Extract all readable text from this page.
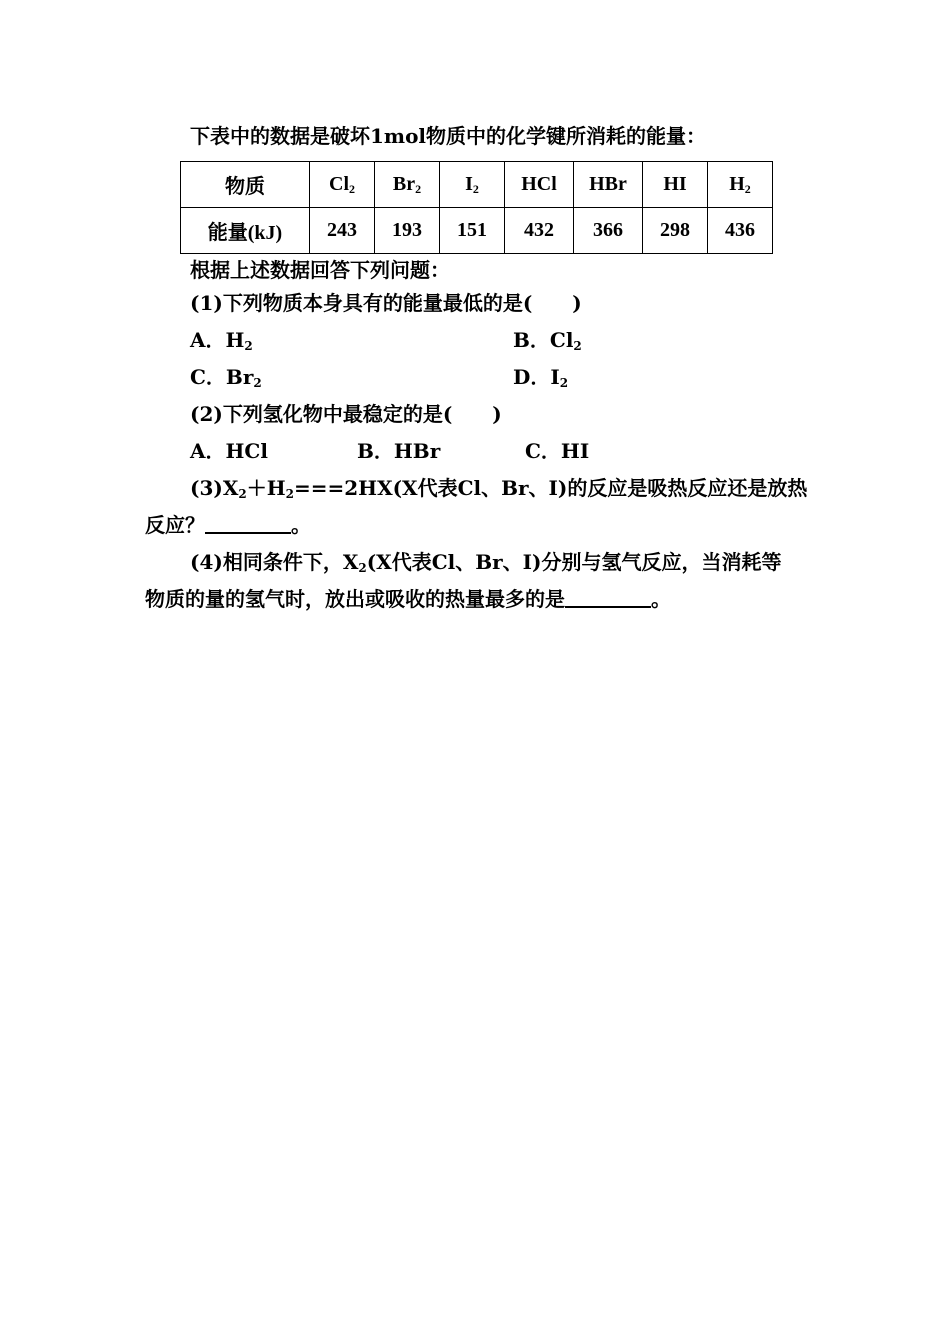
下表中的数据是破坏1mol物质中的化学键所消耗的能量：
物质	$Cl_2$	$Br_2$	$I_2$	HCl	HBr	HI	$H_2$
能量(kJ)	243	193	151	432	366	298	436
根据上述数据回答下列问题：
(1)下列物质本身具有的能量最低的是(　　)
A．$H_2$	B．$Cl_2$
C．$Br_2$	D．$I_2$
(2)下列氢化物中最稳定的是(　　)
A．HCl	B．HBr	C．HI
$(3)X_2+H_2===2HX(X$代表Cl、Br、I)的反应是吸热反应还是放热
反应？	。
(4)相同条件下，$X_2(X$代表Cl、Br、I)分别与氢气反应，当消耗等
物质的量的氢气时，放出或吸收的热量最多的是	。
